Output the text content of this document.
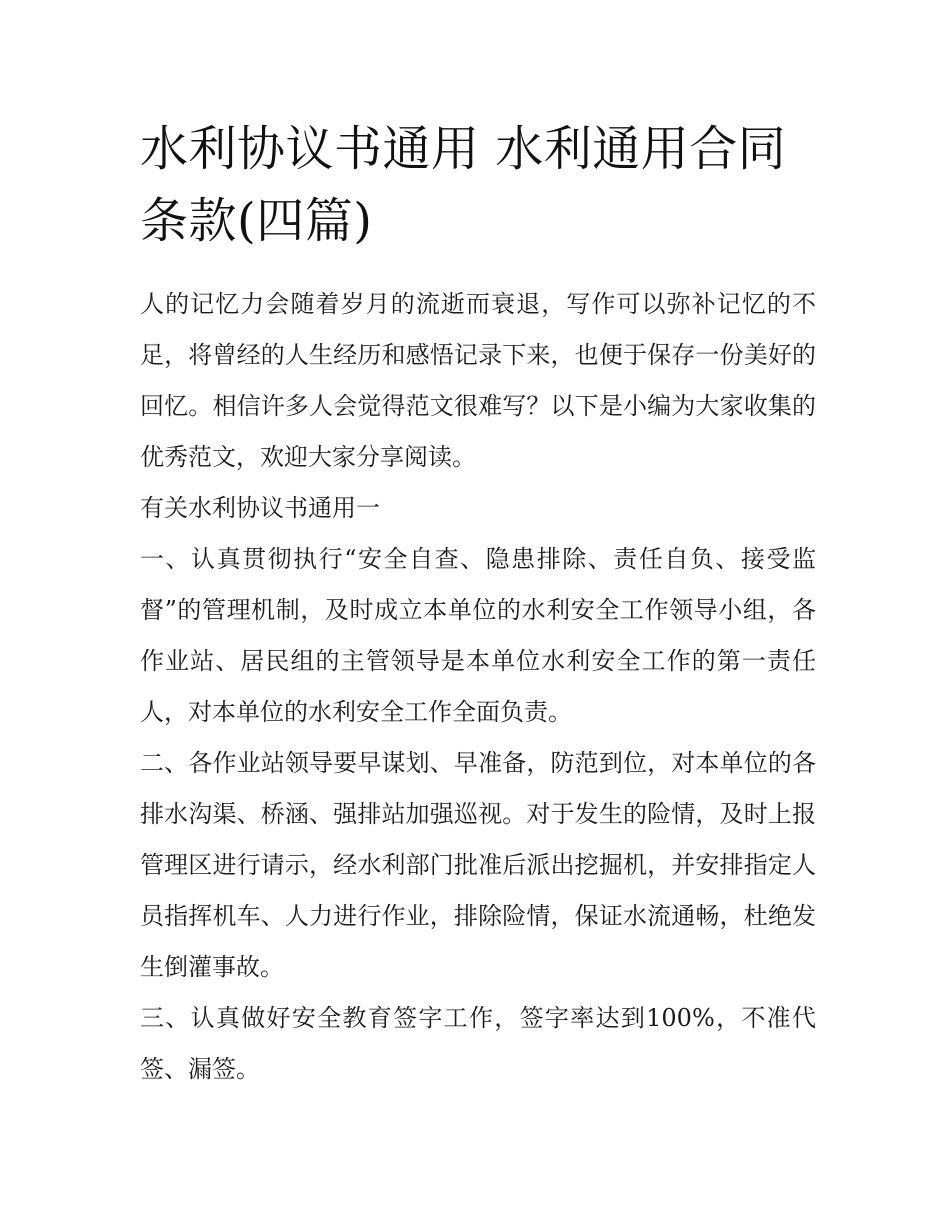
水利协议书通用 水利通用合同条款(四篇)

人的记忆力会随着岁月的流逝而衰退，写作可以弥补记忆的不足，将曾经的人生经历和感悟记录下来，也便于保存一份美好的回忆。相信许多人会觉得范文很难写？以下是小编为大家收集的优秀范文，欢迎大家分享阅读。

有关水利协议书通用一

一、认真贯彻执行“安全自查、隐患排除、责任自负、接受监督”的管理机制，及时成立本单位的水利安全工作领导小组，各作业站、居民组的主管领导是本单位水利安全工作的第一责任人，对本单位的水利安全工作全面负责。

二、各作业站领导要早谋划、早准备，防范到位，对本单位的各排水沟渠、桥涵、强排站加强巡视。对于发生的险情，及时上报管理区进行请示，经水利部门批准后派出挖掘机，并安排指定人员指挥机车、人力进行作业，排除险情，保证水流通畅，杜绝发生倒灌事故。

三、认真做好安全教育签字工作，签字率达到100%，不准代签、漏签。
